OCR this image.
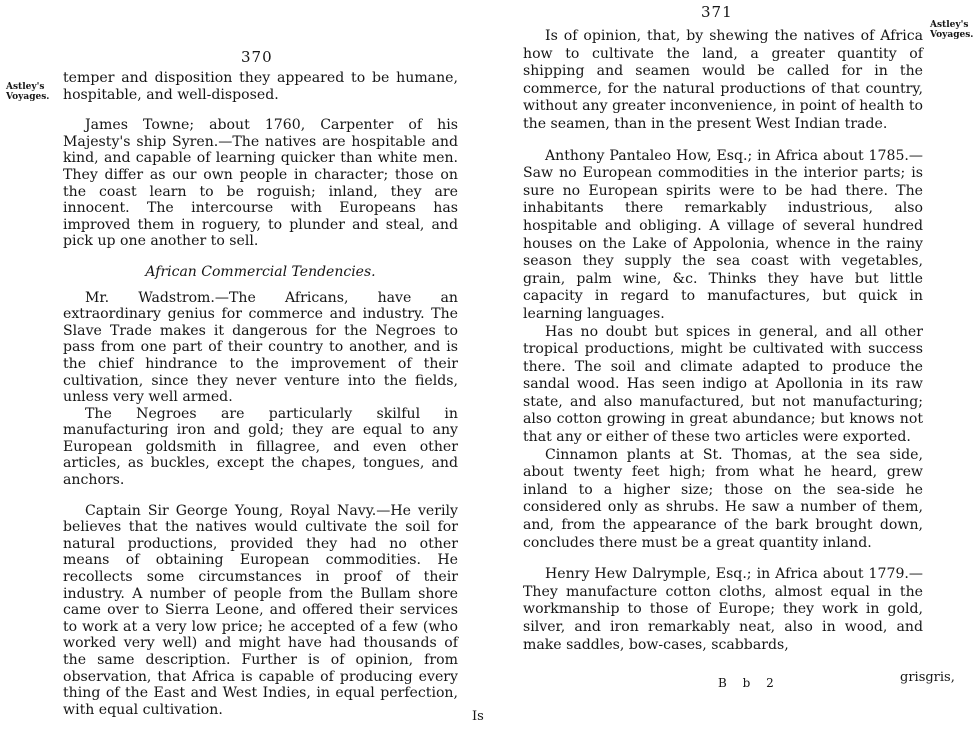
370
Astley's
Voyages.

temper and disposition they appeared to be humane, hospitable, and well-disposed.

James Towne; about 1760, Carpenter of his Majesty's ship Syren.—The natives are hospitable and kind, and capable of learning quicker than white men. They differ as our own people in character; those on the coast learn to be roguish; inland, they are innocent. The intercourse with Europeans has improved them in roguery, to plunder and steal, and pick up one another to sell.

African Commercial Tendencies.

Mr. Wadstrom.—The Africans, have an extraordinary genius for commerce and industry. The Slave Trade makes it dangerous for the Negroes to pass from one part of their country to another, and is the chief hindrance to the improvement of their cultivation, since they never venture into the fields, unless very well armed.

The Negroes are particularly skilful in manufacturing iron and gold; they are equal to any European goldsmith in fillagree, and even other articles, as buckles, except the chapes, tongues, and anchors.

Captain Sir George Young, Royal Navy.—He verily believes that the natives would cultivate the soil for natural productions, provided they had no other means of obtaining European commodities. He recollects some circumstances in proof of their industry. A number of people from the Bullam shore came over to Sierra Leone, and offered their services to work at a very low price; he accepted of a few (who worked very well) and might have had thousands of the same description. Further is of opinion, from observation, that Africa is capable of producing every thing of the East and West Indies, in equal perfection, with equal cultivation.	Is
371
Astley's
Voyages.

Is of opinion, that, by shewing the natives of Africa how to cultivate the land, a greater quantity of shipping and seamen would be called for in the commerce, for the natural productions of that country, without any greater inconvenience, in point of health to the seamen, than in the present West Indian trade.

Anthony Pantaleo How, Esq.; in Africa about 1785.—Saw no European commodities in the interior parts; is sure no European spirits were to be had there. The inhabitants there remarkably industrious, also hospitable and obliging. A village of several hundred houses on the Lake of Appolonia, whence in the rainy season they supply the sea coast with vegetables, grain, palm wine, &c. Thinks they have but little capacity in regard to manufactures, but quick in learning languages.

Has no doubt but spices in general, and all other tropical productions, might be cultivated with success there. The soil and climate adapted to produce the sandal wood. Has seen indigo at Apollonia in its raw state, and also manufactured, but not manufacturing; also cotton growing in great abundance; but knows not that any or either of these two articles were exported.

Cinnamon plants at St. Thomas, at the sea side, about twenty feet high; from what he heard, grew inland to a higher size; those on the sea-side he considered only as shrubs. He saw a number of them, and, from the appearance of the bark brought down, concludes there must be a great quantity inland.

Henry Hew Dalrymple, Esq.; in Africa about 1779.—They manufacture cotton cloths, almost equal in the workmanship to those of Europe; they work in gold, silver, and iron remarkably neat, also in wood, and make saddles, bow-cases, scabbards,

B b 2	grisgris,
